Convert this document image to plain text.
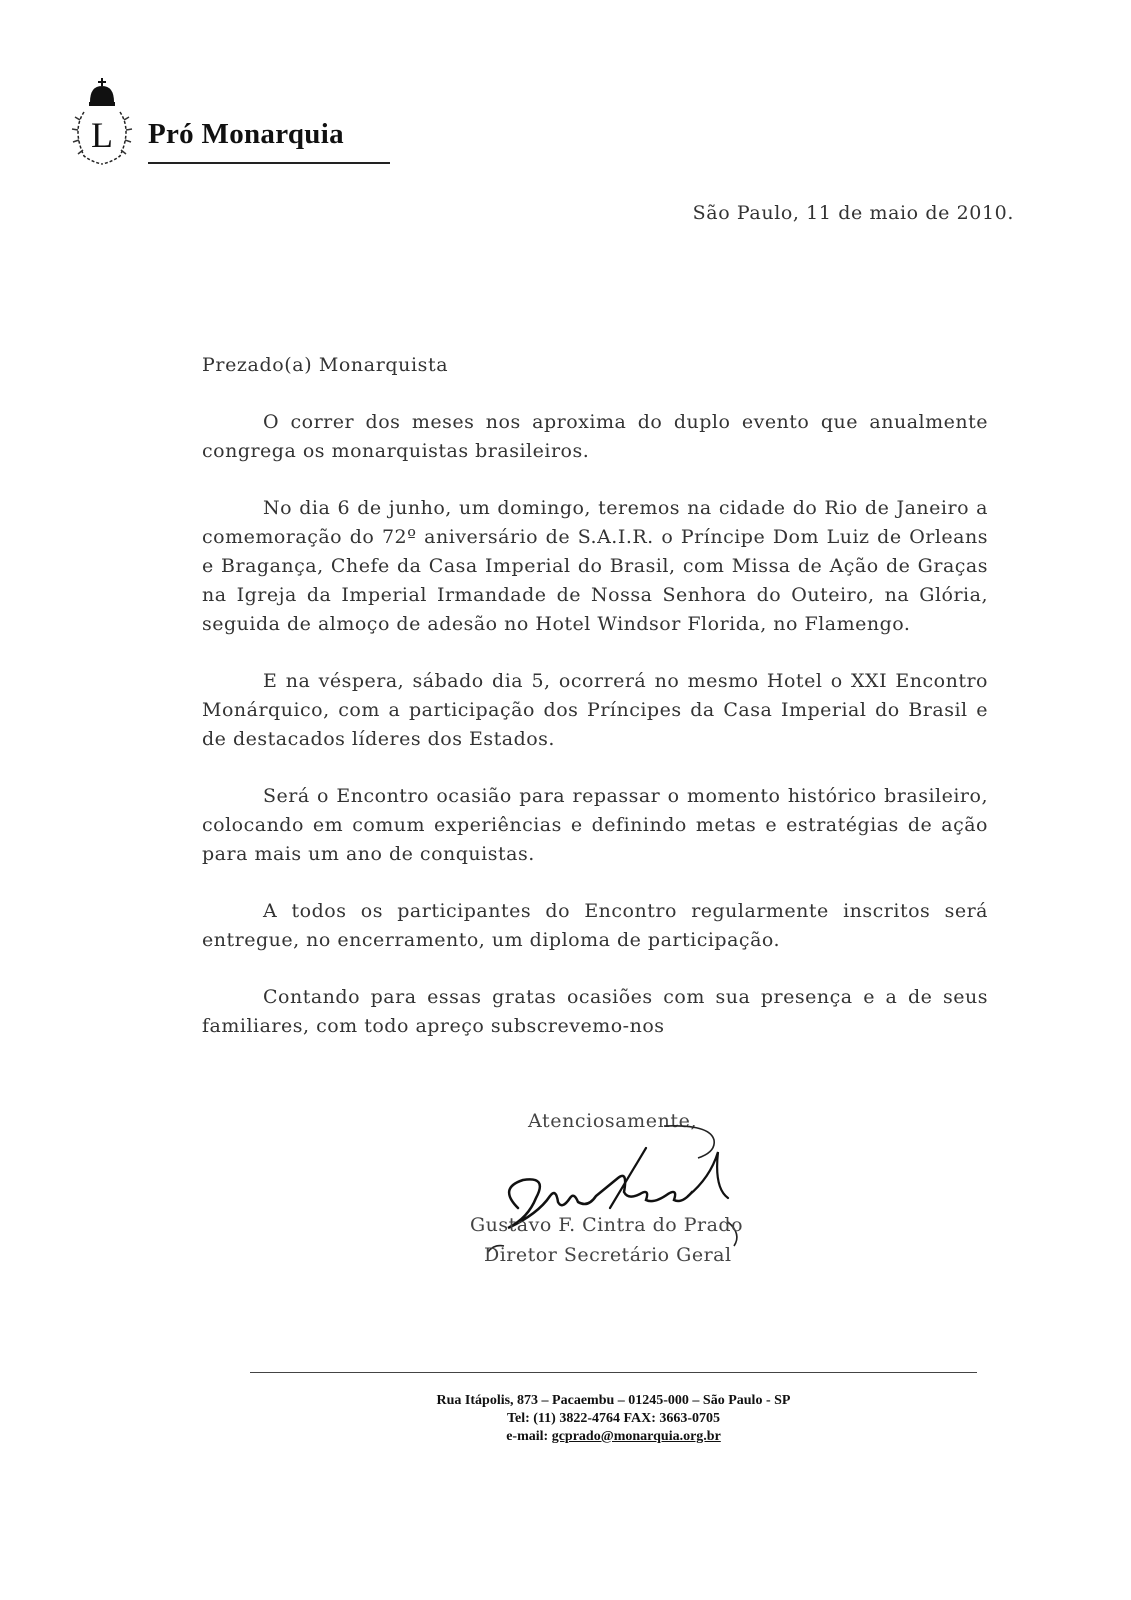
L Pró Monarquia
São Paulo, 11 de maio de 2010.
Prezado(a) Monarquista

O correr dos meses nos aproxima do duplo evento que anualmente congrega os monarquistas brasileiros.

No dia 6 de junho, um domingo, teremos na cidade do Rio de Janeiro a comemoração do 72º aniversário de S.A.I.R. o Príncipe Dom Luiz de Orleans e Bragança, Chefe da Casa Imperial do Brasil, com Missa de Ação de Graças na Igreja da Imperial Irmandade de Nossa Senhora do Outeiro, na Glória, seguida de almoço de adesão no Hotel Windsor Florida, no Flamengo.

E na véspera, sábado dia 5, ocorrerá no mesmo Hotel o XXI Encontro Monárquico, com a participação dos Príncipes da Casa Imperial do Brasil e de destacados líderes dos Estados.

Será o Encontro ocasião para repassar o momento histórico brasileiro, colocando em comum experiências e definindo metas e estratégias de ação para mais um ano de conquistas.

A todos os participantes do Encontro regularmente inscritos será entregue, no encerramento, um diploma de participação.

Contando para essas gratas ocasiões com sua presença e a de seus familiares, com todo apreço subscrevemo-nos

Atenciosamente,
Gustavo F. Cintra do Prado
Diretor Secretário Geral
Rua Itápolis, 873 – Pacaembu – 01245-000 – São Paulo - SP
Tel: (11) 3822-4764 FAX: 3663-0705
e-mail: gcprado@monarquia.org.br
